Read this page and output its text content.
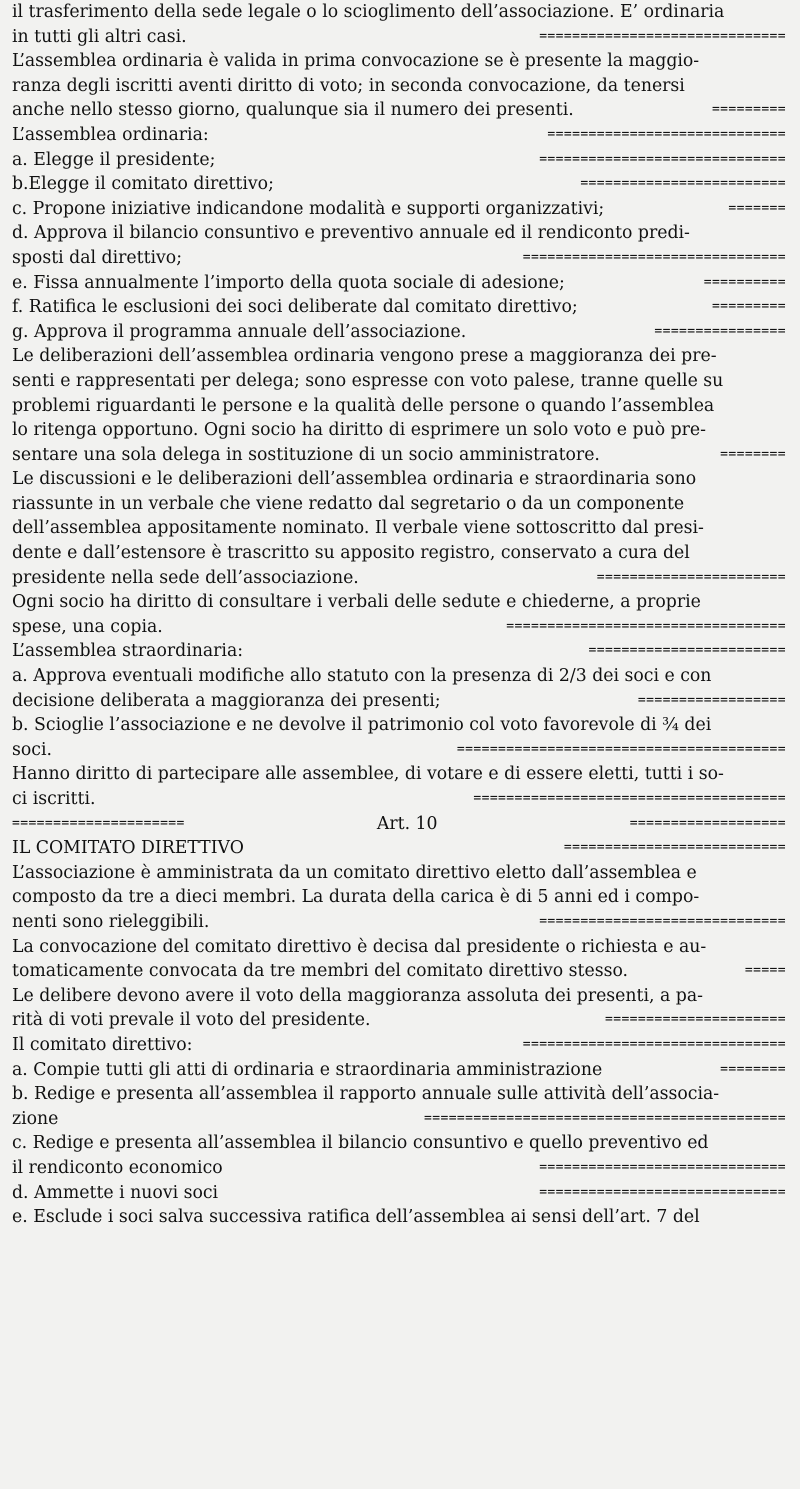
il trasferimento della sede legale o lo scioglimento dell’associazione. E’ ordinaria
in tutti gli altri casi.	==============================
L’assemblea ordinaria è valida in prima convocazione se è presente la maggio-
ranza degli iscritti aventi diritto di voto; in seconda convocazione, da tenersi
anche nello stesso giorno, qualunque sia il numero dei presenti.	=========
L’assemblea ordinaria:	=============================
a. Elegge il presidente;	==============================
b.Elegge il comitato direttivo;	=========================
c. Propone iniziative indicandone modalità e supporti organizzativi;	=======
d. Approva il bilancio consuntivo e preventivo annuale ed il rendiconto predi-
sposti dal direttivo;	================================
e. Fissa annualmente l’importo della quota sociale di adesione;	==========
f. Ratifica le esclusioni dei soci deliberate dal comitato direttivo;	=========
g. Approva il programma annuale dell’associazione.	================
Le deliberazioni dell’assemblea ordinaria vengono prese a maggioranza dei pre-
senti e rappresentati per delega; sono espresse con voto palese, tranne quelle su
problemi riguardanti le persone e la qualità delle persone o quando l’assemblea
lo ritenga opportuno. Ogni socio ha diritto di esprimere un solo voto e può pre-
sentare una sola delega in sostituzione di un socio amministratore.	========
Le discussioni e le deliberazioni dell’assemblea ordinaria e straordinaria sono
riassunte in un verbale che viene redatto dal segretario o da un componente
dell’assemblea appositamente nominato. Il verbale viene sottoscritto dal presi-
dente e dall’estensore è trascritto su apposito registro, conservato a cura del
presidente nella sede dell’associazione.	=======================
Ogni socio ha diritto di consultare i verbali delle sedute e chiederne, a proprie
spese, una copia.	==================================
L’assemblea straordinaria:	========================
a. Approva eventuali modifiche allo statuto con la presenza di 2/3 dei soci e con
decisione deliberata a maggioranza dei presenti;	==================
b. Scioglie l’associazione e ne devolve il patrimonio col voto favorevole di ¾ dei
soci.	========================================
Hanno diritto di partecipare alle assemblee, di votare e di essere eletti, tutti i so-
ci iscritti.	======================================
=====================	Art. 10	===================
IL COMITATO DIRETTIVO	===========================
L’associazione è amministrata da un comitato direttivo eletto dall’assemblea e
composto da tre a dieci membri. La durata della carica è di 5 anni ed i compo-
nenti sono rieleggibili.	==============================
La convocazione del comitato direttivo è decisa dal presidente o richiesta e au-
tomaticamente convocata da tre membri del comitato direttivo stesso.	=====
Le delibere devono avere il voto della maggioranza assoluta dei presenti, a pa-
rità di voti prevale il voto del presidente.	======================
Il comitato direttivo:	================================
a. Compie tutti gli atti di ordinaria e straordinaria amministrazione	========
b. Redige e presenta all’assemblea il rapporto annuale sulle attività dell’associa-
zione	============================================
c. Redige e presenta all’assemblea il bilancio consuntivo e quello preventivo ed
il rendiconto economico	==============================
d. Ammette i nuovi soci	==============================
e. Esclude i soci salva successiva ratifica dell’assemblea ai sensi dell’art. 7 del
